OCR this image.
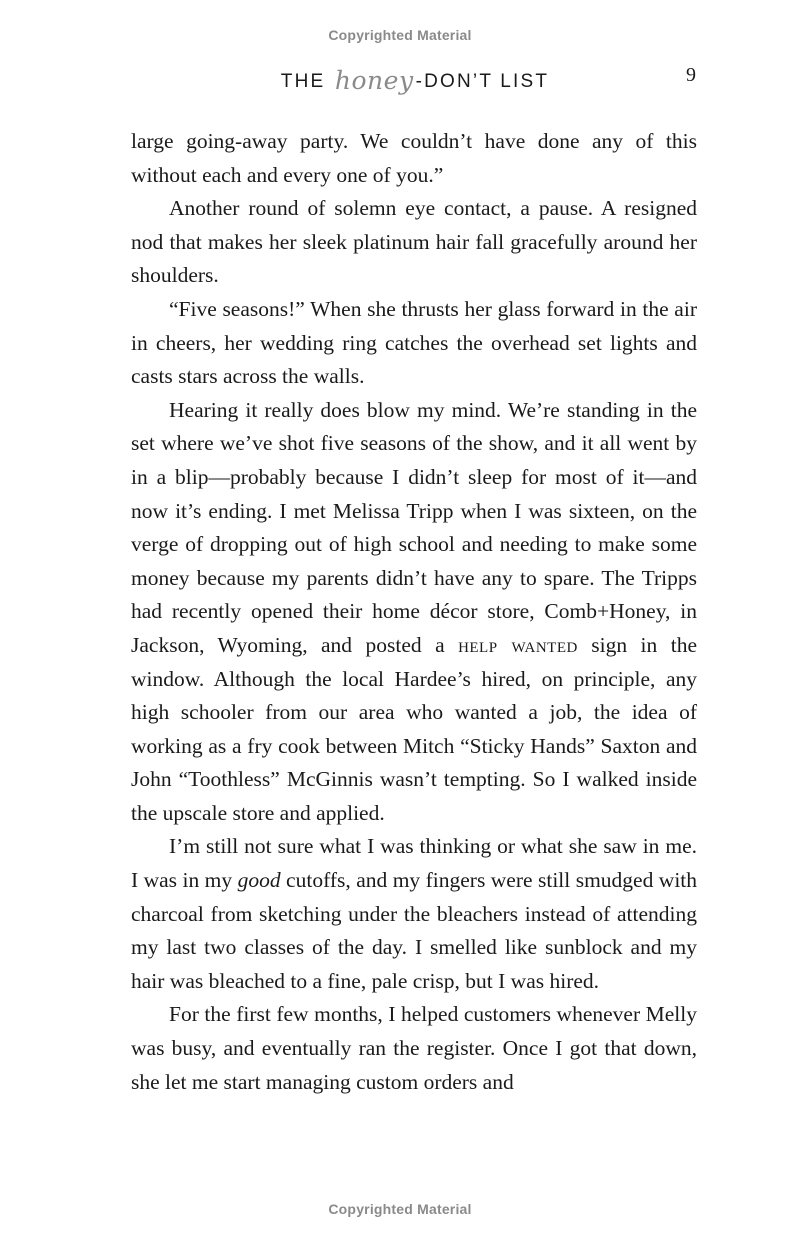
Copyrighted Material
THE honey -DON’T LIST	9

large going-away party. We couldn’t have done any of this without each and every one of you.”

Another round of solemn eye contact, a pause. A resigned nod that makes her sleek platinum hair fall gracefully around her shoulders.

“Five seasons!” When she thrusts her glass forward in the air in cheers, her wedding ring catches the overhead set lights and casts stars across the walls.

Hearing it really does blow my mind. We’re standing in the set where we’ve shot five seasons of the show, and it all went by in a blip—probably because I didn’t sleep for most of it—and now it’s ending. I met Melissa Tripp when I was sixteen, on the verge of dropping out of high school and needing to make some money because my parents didn’t have any to spare. The Tripps had recently opened their home décor store, Comb+Honey, in Jackson, Wyoming, and posted a help wanted sign in the window. Although the local Hardee’s hired, on principle, any high schooler from our area who wanted a job, the idea of working as a fry cook between Mitch “Sticky Hands” Saxton and John “Toothless” McGinnis wasn’t tempting. So I walked inside the upscale store and applied.

I’m still not sure what I was thinking or what she saw in me. I was in my good cutoffs, and my fingers were still smudged with charcoal from sketching under the bleachers instead of attending my last two classes of the day. I smelled like sunblock and my hair was bleached to a fine, pale crisp, but I was hired.

For the first few months, I helped customers whenever Melly was busy, and eventually ran the register. Once I got that down, she let me start managing custom orders and

Copyrighted Material
